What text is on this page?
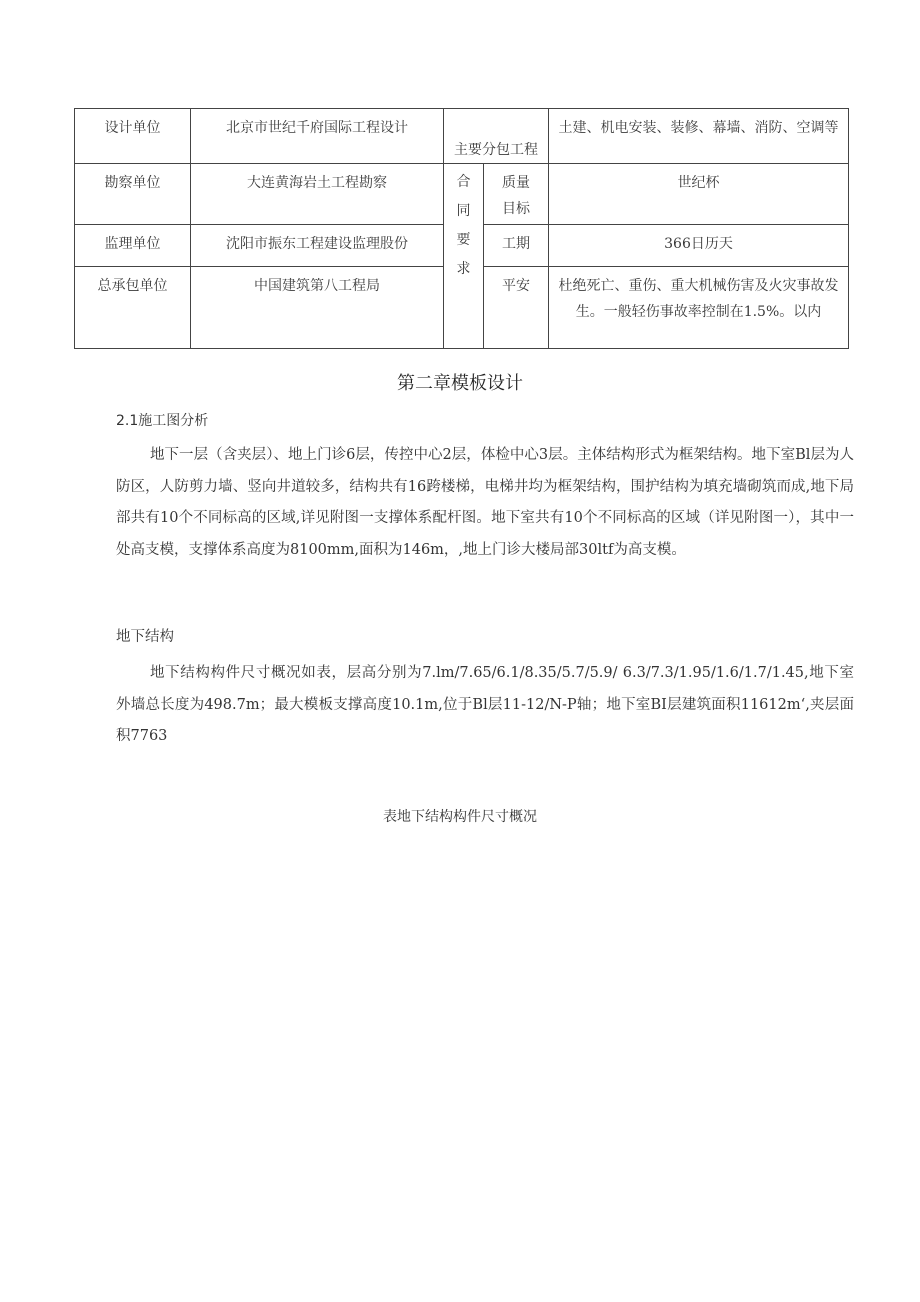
设计单位	北京市世纪千府国际工程设计	主要分包工程		土建、机电安装、装修、幕墙、消防、空调等
勘察单位	大连黄海岩土工程勘察	合同要求	质量目标	世纪杯
监理单位	沈阳市振东工程建设监理股份		工期	366日历天
总承包单位	中国建筑第八工程局		平安	杜绝死亡、重伤、重大机械伤害及火灾事故发生。一般轻伤事故率控制在1.5%。以内
第二章模板设计
2.1施工图分析
地下一层（含夹层）、地上门诊6层，传控中心2层，体检中心3层。主体结构形式为框架结构。地下室Bl层为人防区，人防剪力墙、竖向井道较多，结构共有16跨楼梯，电梯井均为框架结构，围护结构为填充墙砌筑而成,地下局部共有10个不同标高的区域,详见附图一支撑体系配杆图。地下室共有10个不同标高的区域（详见附图一），其中一处高支模，支撑体系高度为8100mm,面积为146m，,地上门诊大楼局部30ltf为高支模。
地下结构
地下结构构件尺寸概况如表，层高分别为7.lm/7.65/6.1/8.35/5.7/5.9/ 6.3/7.3/1.95/1.6/1.7/1.45,地下室外墙总长度为498.7m；最大模板支撑高度10.1m,位于Bl层11-12/N-P轴；地下室BI层建筑面积11612m‘,夹层面积7763
表地下结构构件尺寸概况
